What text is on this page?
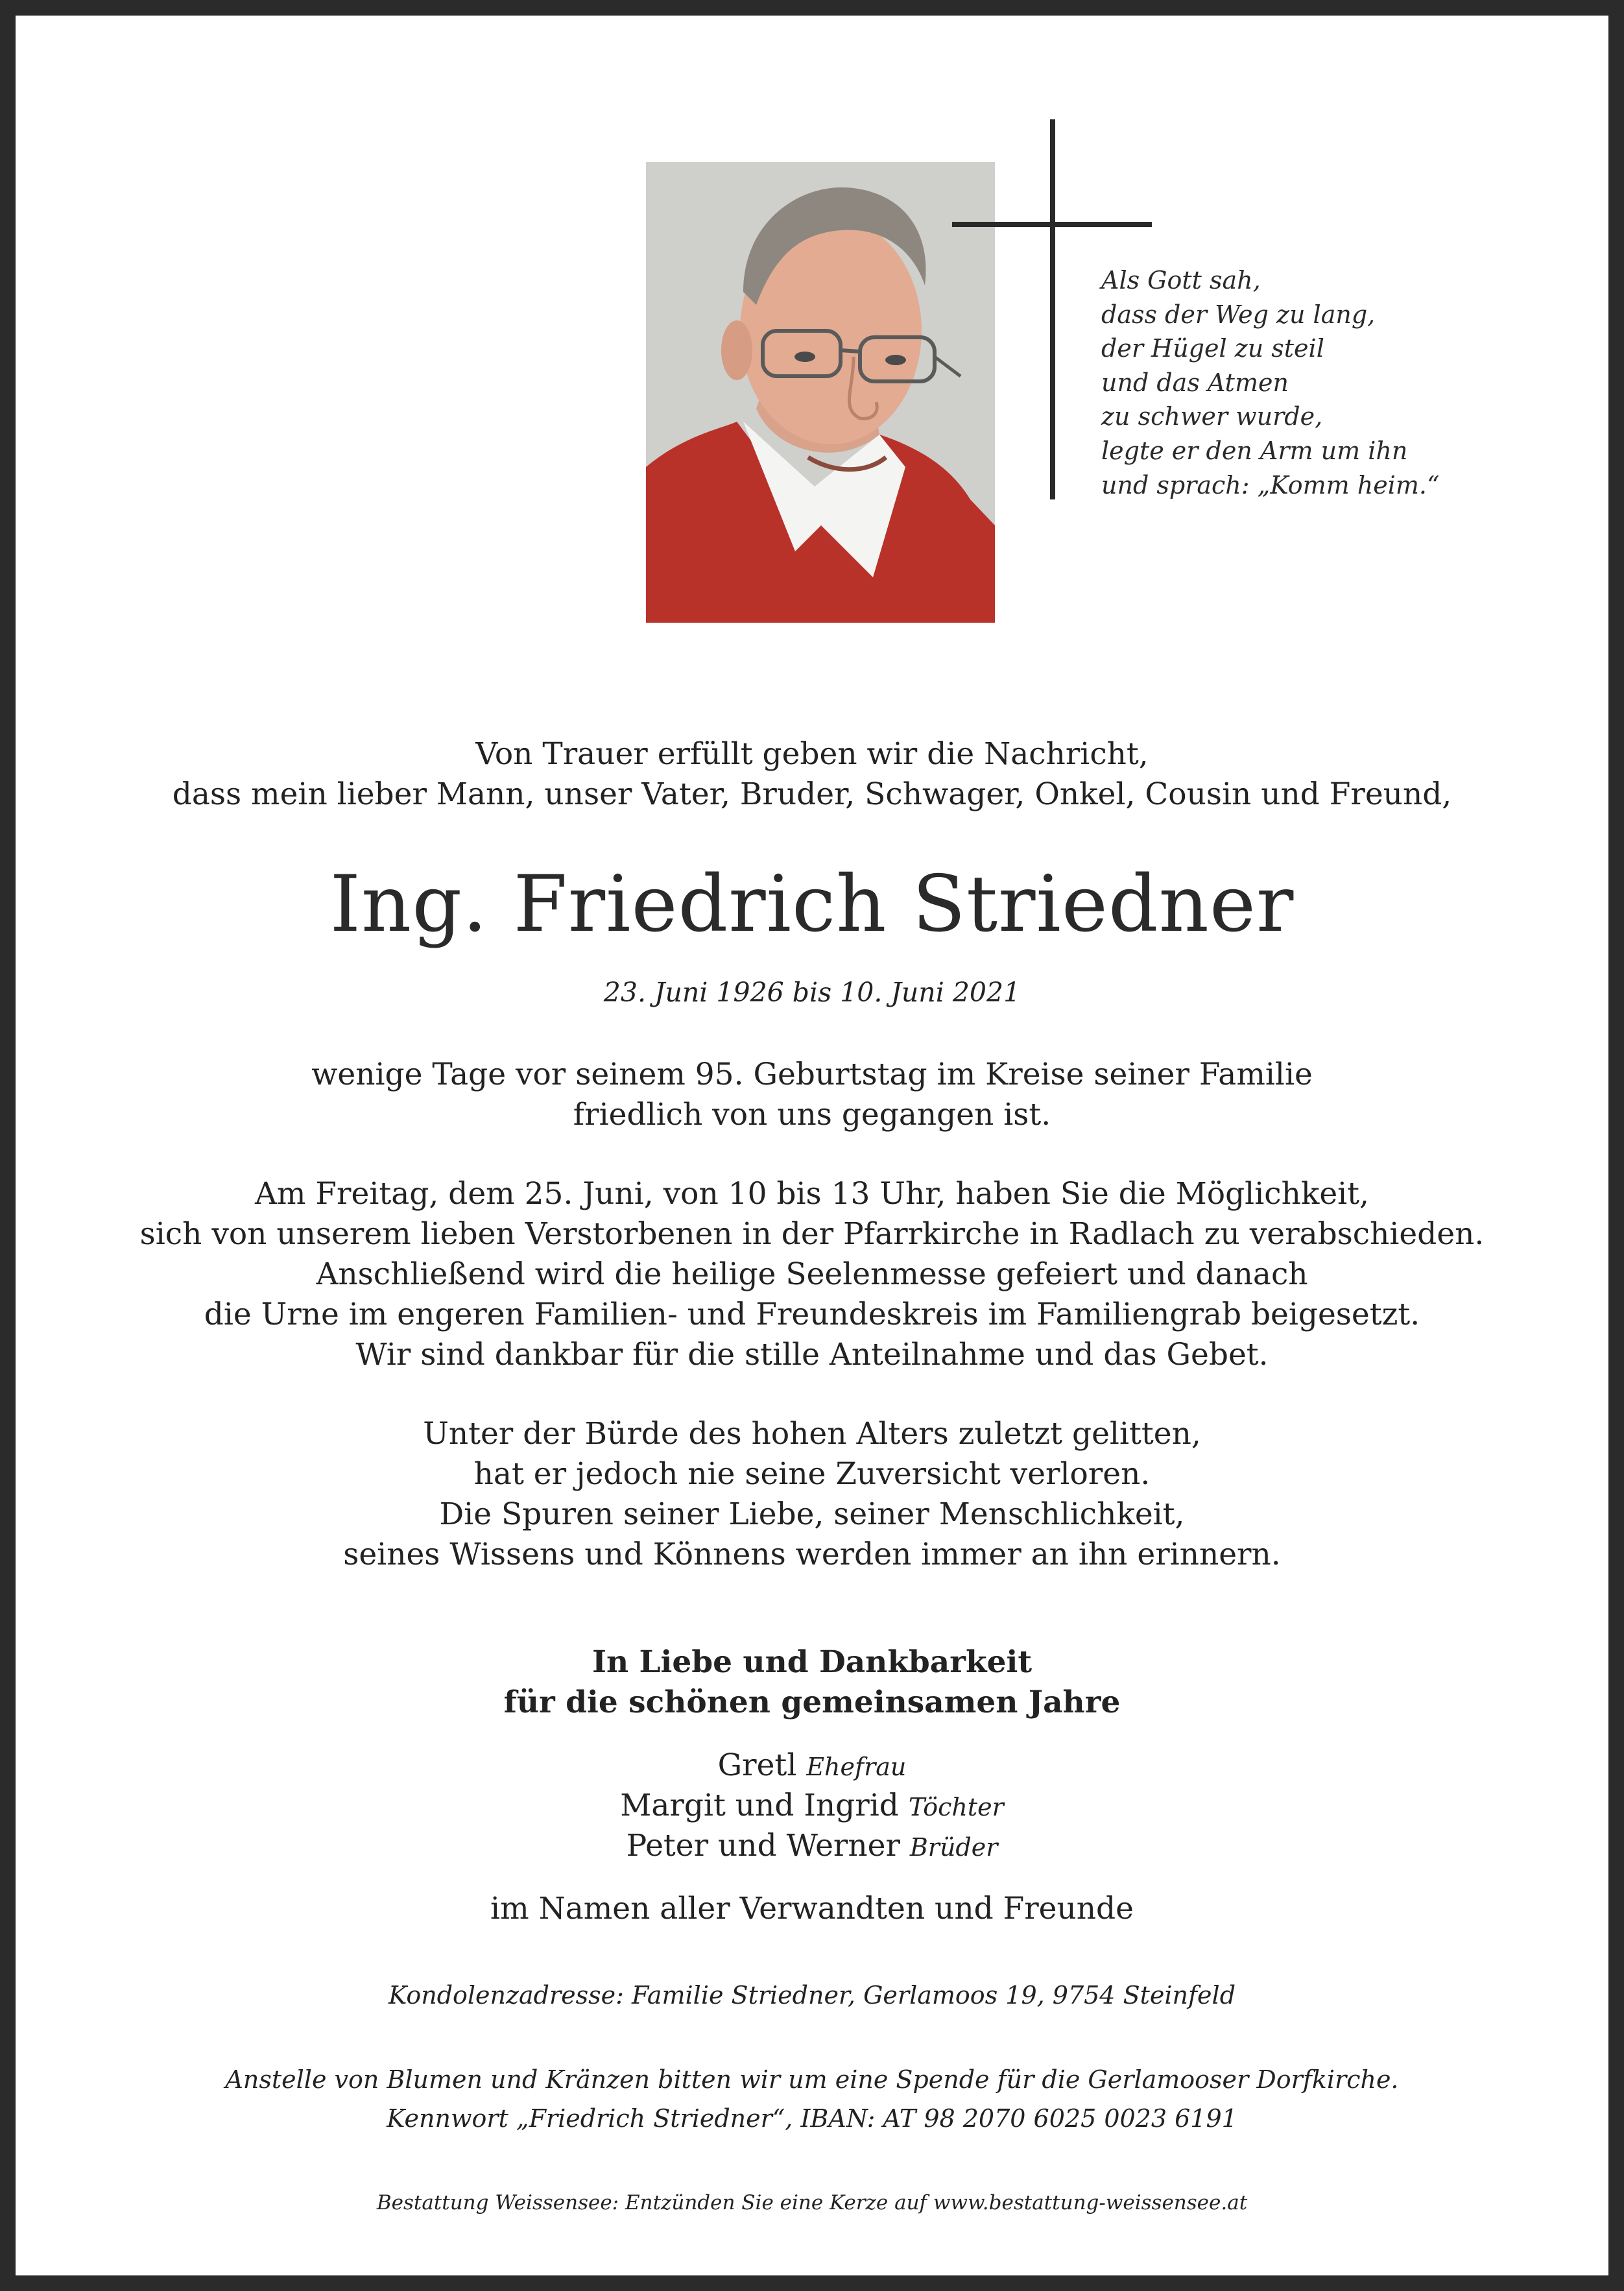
Als Gott sah,
dass der Weg zu lang,
der Hügel zu steil
und das Atmen
zu schwer wurde,
legte er den Arm um ihn
und sprach: „Komm heim.“
Von Trauer erfüllt geben wir die Nachricht,
dass mein lieber Mann, unser Vater, Bruder, Schwager, Onkel, Cousin und Freund,
Ing. Friedrich Striedner
23. Juni 1926 bis 10. Juni 2021
wenige Tage vor seinem 95. Geburtstag im Kreise seiner Familie
friedlich von uns gegangen ist.
Am Freitag, dem 25. Juni, von 10 bis 13 Uhr, haben Sie die Möglichkeit,
sich von unserem lieben Verstorbenen in der Pfarrkirche in Radlach zu verabschieden.
Anschließend wird die heilige Seelenmesse gefeiert und danach
die Urne im engeren Familien- und Freundeskreis im Familiengrab beigesetzt.
Wir sind dankbar für die stille Anteilnahme und das Gebet.
Unter der Bürde des hohen Alters zuletzt gelitten,
hat er jedoch nie seine Zuversicht verloren.
Die Spuren seiner Liebe, seiner Menschlichkeit,
seines Wissens und Könnens werden immer an ihn erinnern.
In Liebe und Dankbarkeit
für die schönen gemeinsamen Jahre
Gretl Ehefrau
Margit und Ingrid Töchter
Peter und Werner Brüder
im Namen aller Verwandten und Freunde
Kondolenzadresse: Familie Striedner, Gerlamoos 19, 9754 Steinfeld
Anstelle von Blumen und Kränzen bitten wir um eine Spende für die Gerlamooser Dorfkirche.
Kennwort „Friedrich Striedner“, IBAN: AT 98 2070 6025 0023 6191
Bestattung Weissensee: Entzünden Sie eine Kerze auf www.bestattung-weissensee.at
